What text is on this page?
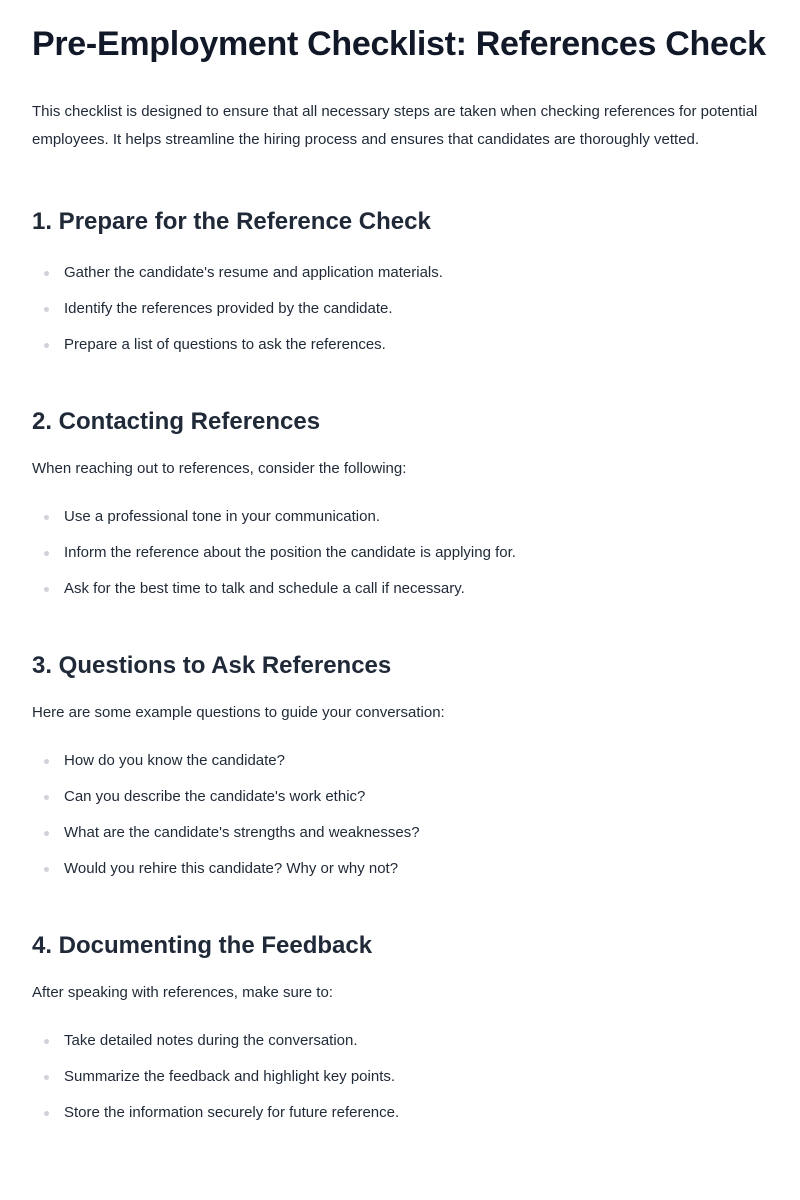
Pre-Employment Checklist: References Check

This checklist is designed to ensure that all necessary steps are taken when checking references for potential employees. It helps streamline the hiring process and ensures that candidates are thoroughly vetted.

1. Prepare for the Reference Check
Gather the candidate's resume and application materials.
Identify the references provided by the candidate.
Prepare a list of questions to ask the references.
2. Contacting References

When reaching out to references, consider the following:

Use a professional tone in your communication.
Inform the reference about the position the candidate is applying for.
Ask for the best time to talk and schedule a call if necessary.
3. Questions to Ask References

Here are some example questions to guide your conversation:

How do you know the candidate?
Can you describe the candidate's work ethic?
What are the candidate's strengths and weaknesses?
Would you rehire this candidate? Why or why not?
4. Documenting the Feedback

After speaking with references, make sure to:

Take detailed notes during the conversation.
Summarize the feedback and highlight key points.
Store the information securely for future reference.
